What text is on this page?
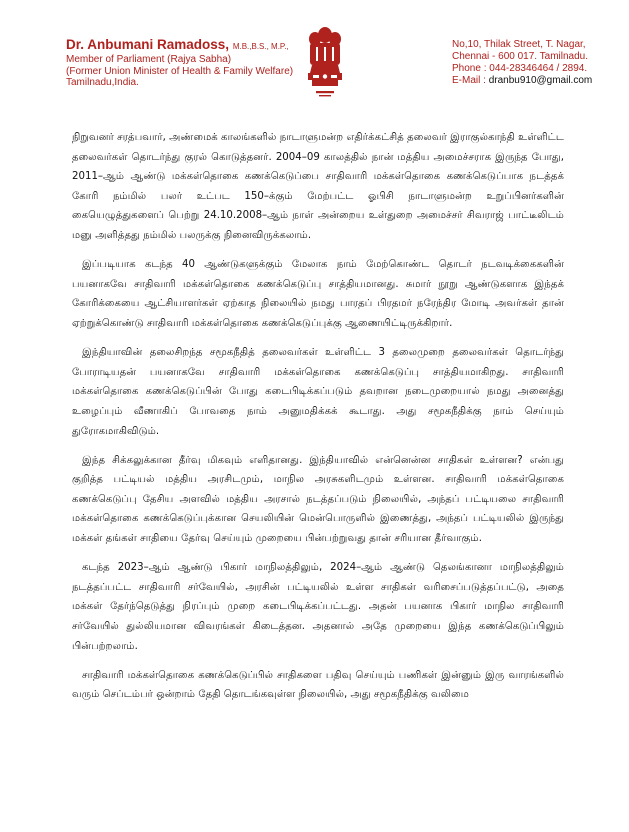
Dr. Anbumani Ramadoss, M.B.,B.S., M.P.,
Member of Parliament (Rajya Sabha)
(Former Union Minister of Health & Family Welfare)
Tamilnadu,India.
No,10, Thilak Street, T. Nagar,
Chennai - 600 017. Tamilnadu.
Phone : 044-28346464 / 2894.
E-Mail : dranbu910@gmail.com

நிறுவனர் சரத்பவார், அண்மைக் காலங்களில் நாடாளுமன்ற எதிர்க்கட்சித் தலைவர் இராகுல்காந்தி உள்ளிட்ட தலைவர்கள் தொடர்ந்து குரல் கொடுத்தனர். 2004–09 காலத்தில் நான் மத்திய அமைச்சராக இருந்த போது, 2011–ஆம் ஆண்டு மக்கள்தொகை கணக்கெடுப்பை சாதிவாரி மக்கள்தொகை கணக்கெடுப்பாக நடத்தக் கோரி நம்மில் பலர் உட்பட 150–க்கும் மேற்பட்ட ஓபிசி நாடாளுமன்ற உறுப்பினர்களின் கையெழுத்துகளைப் பெற்று 24.10.2008–ஆம் நாள் அன்றைய உள்துறை அமைச்சர் சிவராஜ் பாட்டீலிடம் மனு அளித்தது நம்மில் பலருக்கு நினைவிருக்கலாம்.

இப்படியாக கடந்த 40 ஆண்டுகளுக்கும் மேலாக நாம் மேற்கொண்ட தொடர் நடவடிக்கைகளின் பயனாகவே சாதிவாரி மக்கள்தொகை கணக்கெடுப்பு சாத்தியமானது. சுமார் நூறு ஆண்டுகளாக இந்தக் கோரிக்கையை ஆட்சியாளர்கள் ஏற்காத நிலையில் நமது பாரதப் பிரதமர் நரேந்திர மோடி அவர்கள் தான் ஏற்றுக்கொண்டு சாதிவாரி மக்கள்தொகை கணக்கெடுப்புக்கு ஆணையிட்டிருக்கிறார்.

இந்தியாவின் தலைசிறந்த சமூகநீதித் தலைவர்கள் உள்ளிட்ட 3 தலைமுறை தலைவர்கள் தொடர்ந்து போராடியதன் பயனாகவே சாதிவாரி மக்கள்தொகை கணக்கெடுப்பு சாத்தியமாகிறது. சாதிவாரி மக்கள்தொகை கணக்கெடுப்பின் போது கடைபிடிக்கப்படும் தவறான நடைமுறையால் நமது அனைத்து உழைப்பும் வீணாகிப் போவதை நாம் அனுமதிக்கக் கூடாது. அது சமூகநீதிக்கு நாம் செய்யும் துரோகமாகிவிடும்.

இந்த சிக்கலுக்கான தீர்வு மிகவும் எளிதானது. இந்தியாவில் என்னென்ன சாதிகள் உள்ளன? என்பது குறித்த பட்டியல் மத்திய அரசிடமும், மாநில அரசுகளிடமும் உள்ளன. சாதிவாரி மக்கள்தொகை கணக்கெடுப்பு தேசிய அளவில் மத்திய அரசால் நடத்தப்படும் நிலையில், அந்தப் பட்டியலை சாதிவாரி மக்கள்தொகை கணக்கெடுப்புக்கான செயலியின் மென்பொருளில் இணைத்து, அந்தப் பட்டியலில் இருந்து மக்கள் தங்கள் சாதியை தேர்வு செய்யும் முறையை பின்பற்றுவது தான் சரியான தீர்வாகும்.

கடந்த 2023–ஆம் ஆண்டு பிகார் மாநிலத்திலும், 2024–ஆம் ஆண்டு தெலங்கானா மாநிலத்திலும் நடத்தப்பட்ட சாதிவாரி சர்வேயில், அரசின் பட்டியலில் உள்ள சாதிகள் வரிசைப்படுத்தப்பட்டு, அதை மக்கள் தேர்ந்தெடுத்து நிரப்பும் முறை கடைபிடிக்கப்பட்டது. அதன் பயனாக பிகார் மாநில சாதிவாரி சர்வேயில் துல்லியமான விவரங்கள் கிடைத்தன. அதனால் அதே முறையை இந்த கணக்கெடுப்பிலும் பின்பற்றலாம்.

சாதிவாரி மக்கள்தொகை கணக்கெடுப்பில் சாதிகளை பதிவு செய்யும் பணிகள் இன்னும் இரு வாரங்களில் வரும் செப்டம்பர் ஒன்றாம் தேதி தொடங்கவுள்ள நிலையில், அது சமூகநீதிக்கு வலிமை
